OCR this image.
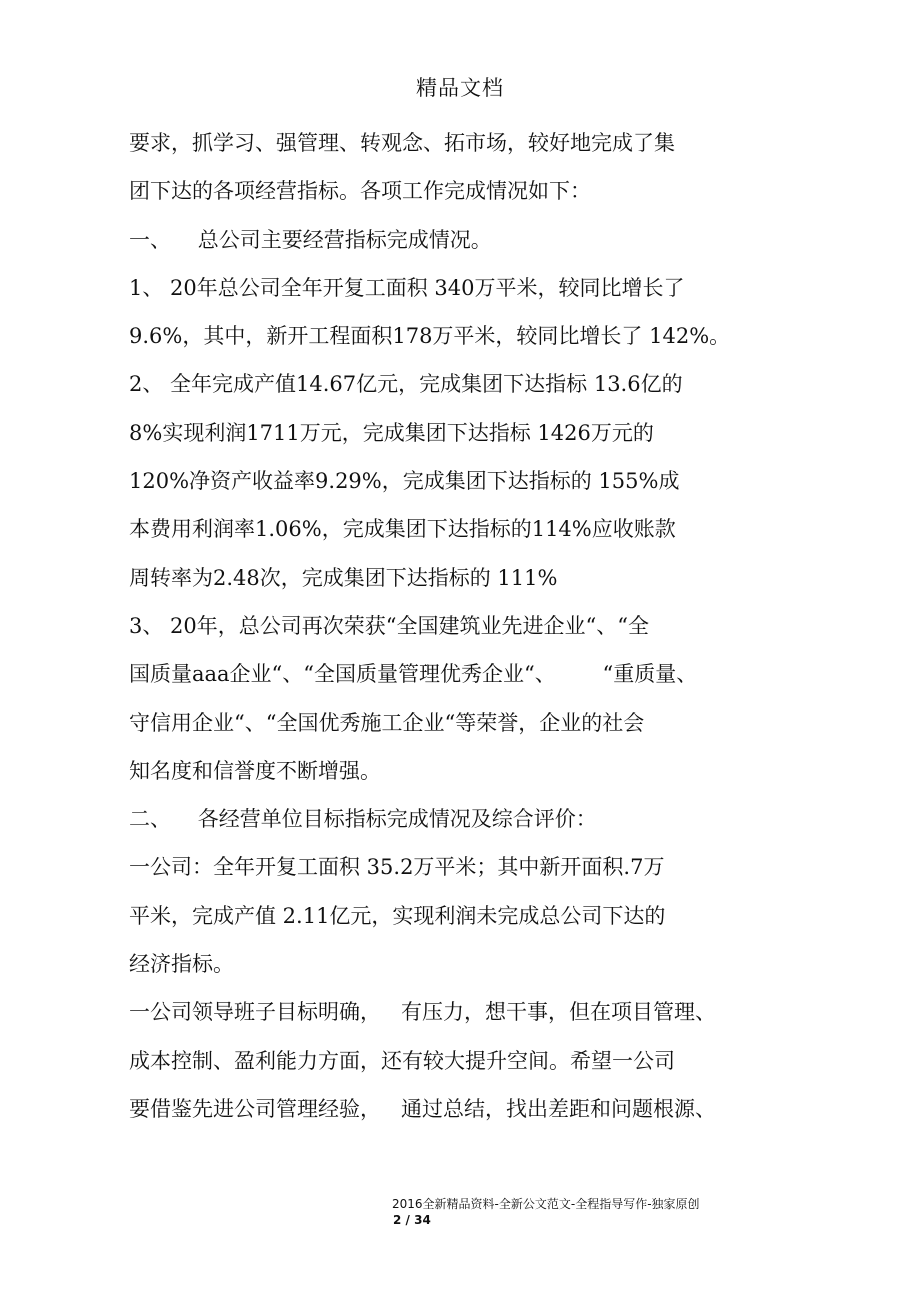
精品文档
要求，抓学习、强管理、转观念、拓市场，较好地完成了集
团下达的各项经营指标。各项工作完成情况如下：
一、    总公司主要经营指标完成情况。
1、 20年总公司全年开复工面积 340万平米，较同比增长了
9.6%，其中，新开工程面积178万平米，较同比增长了 142%。
2、 全年完成产值14.67亿元，完成集团下达指标 13.6亿的
8%实现利润1711万元，完成集团下达指标 1426万元的
120%净资产收益率9.29%，完成集团下达指标的 155%成
本费用利润率1.06%，完成集团下达指标的114%应收账款
周转率为2.48次，完成集团下达指标的 111%
3、 20年，总公司再次荣获“全国建筑业先进企业“、“全
国质量aaa企业“、“全国质量管理优秀企业“、       “重质量、
守信用企业“、“全国优秀施工企业“等荣誉，企业的社会
知名度和信誉度不断增强。
二、    各经营单位目标指标完成情况及综合评价：
一公司：全年开复工面积 35.2万平米；其中新开面积.7万
平米，完成产值 2.11亿元，实现利润未完成总公司下达的
经济指标。
一公司领导班子目标明确，   有压力，想干事，但在项目管理、
成本控制、盈利能力方面，还有较大提升空间。希望一公司
要借鉴先进公司管理经验，   通过总结，找出差距和问题根源、
2016全新精品资料-全新公文范文-全程指导写作-独家原创
2 / 34
